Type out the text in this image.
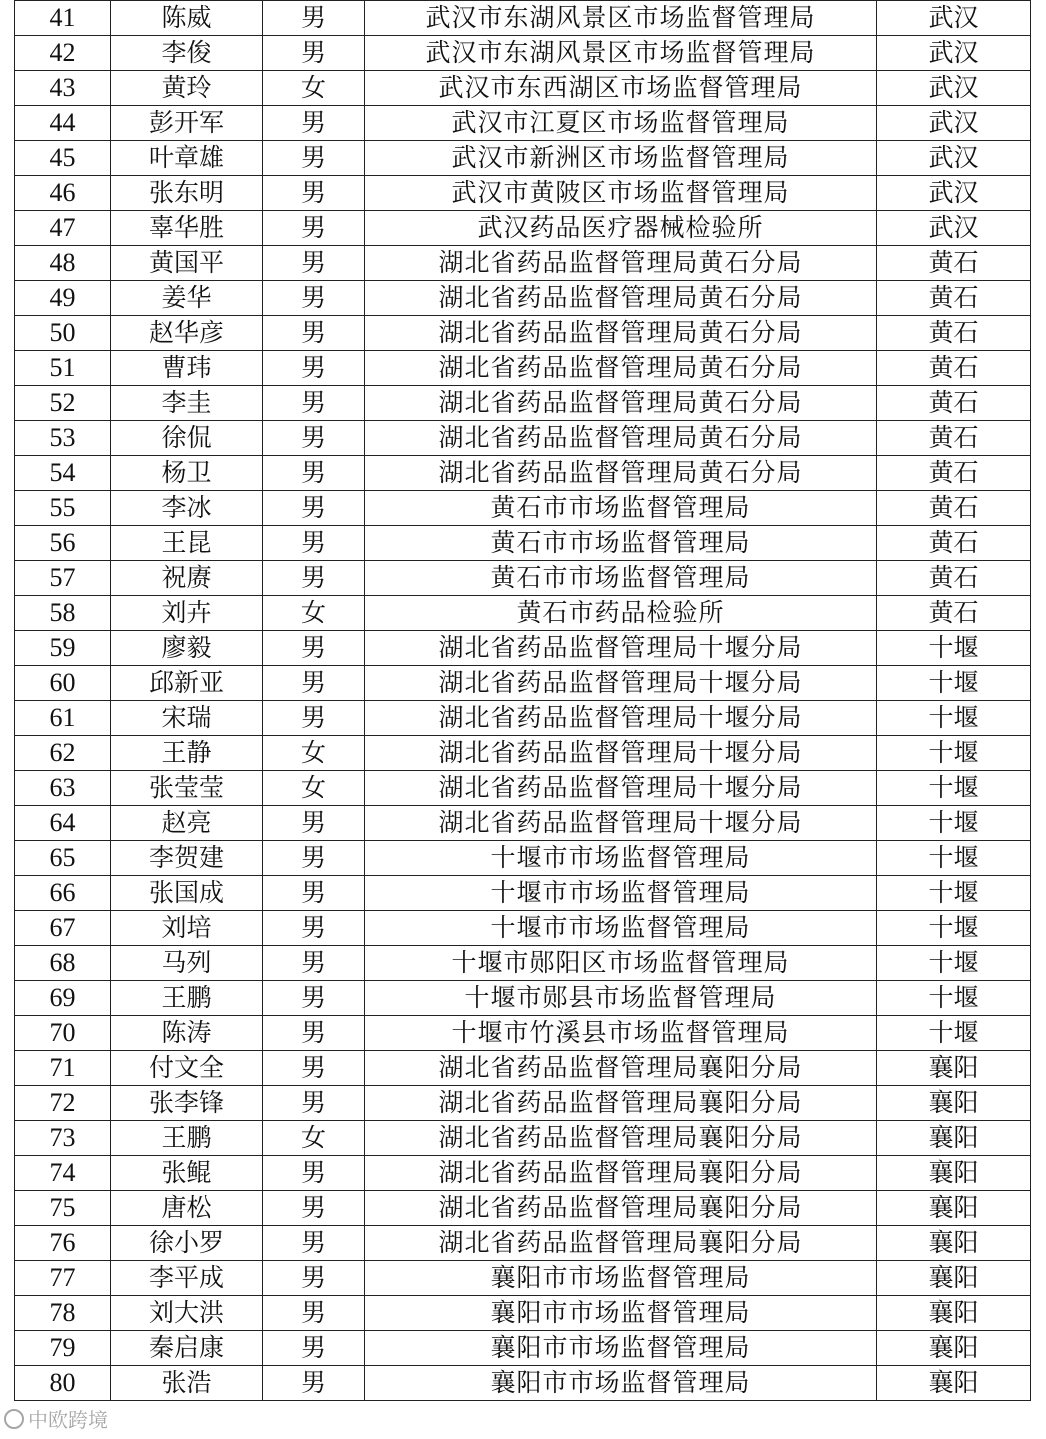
41	陈威	男	武汉市东湖风景区市场监督管理局	武汉
42	李俊	男	武汉市东湖风景区市场监督管理局	武汉
43	黄玲	女	武汉市东西湖区市场监督管理局	武汉
44	彭开军	男	武汉市江夏区市场监督管理局	武汉
45	叶章雄	男	武汉市新洲区市场监督管理局	武汉
46	张东明	男	武汉市黄陂区市场监督管理局	武汉
47	辜华胜	男	武汉药品医疗器械检验所	武汉
48	黄国平	男	湖北省药品监督管理局黄石分局	黄石
49	姜华	男	湖北省药品监督管理局黄石分局	黄石
50	赵华彦	男	湖北省药品监督管理局黄石分局	黄石
51	曹玮	男	湖北省药品监督管理局黄石分局	黄石
52	李圭	男	湖北省药品监督管理局黄石分局	黄石
53	徐侃	男	湖北省药品监督管理局黄石分局	黄石
54	杨卫	男	湖北省药品监督管理局黄石分局	黄石
55	李冰	男	黄石市市场监督管理局	黄石
56	王昆	男	黄石市市场监督管理局	黄石
57	祝赓	男	黄石市市场监督管理局	黄石
58	刘卉	女	黄石市药品检验所	黄石
59	廖毅	男	湖北省药品监督管理局十堰分局	十堰
60	邱新亚	男	湖北省药品监督管理局十堰分局	十堰
61	宋瑞	男	湖北省药品监督管理局十堰分局	十堰
62	王静	女	湖北省药品监督管理局十堰分局	十堰
63	张莹莹	女	湖北省药品监督管理局十堰分局	十堰
64	赵亮	男	湖北省药品监督管理局十堰分局	十堰
65	李贺建	男	十堰市市场监督管理局	十堰
66	张国成	男	十堰市市场监督管理局	十堰
67	刘培	男	十堰市市场监督管理局	十堰
68	马列	男	十堰市郧阳区市场监督管理局	十堰
69	王鹏	男	十堰市郧县市场监督管理局	十堰
70	陈涛	男	十堰市竹溪县市场监督管理局	十堰
71	付文全	男	湖北省药品监督管理局襄阳分局	襄阳
72	张李锋	男	湖北省药品监督管理局襄阳分局	襄阳
73	王鹏	女	湖北省药品监督管理局襄阳分局	襄阳
74	张鲲	男	湖北省药品监督管理局襄阳分局	襄阳
75	唐松	男	湖北省药品监督管理局襄阳分局	襄阳
76	徐小罗	男	湖北省药品监督管理局襄阳分局	襄阳
77	李平成	男	襄阳市市场监督管理局	襄阳
78	刘大洪	男	襄阳市市场监督管理局	襄阳
79	秦启康	男	襄阳市市场监督管理局	襄阳
80	张浩	男	襄阳市市场监督管理局	襄阳
中欧跨境
